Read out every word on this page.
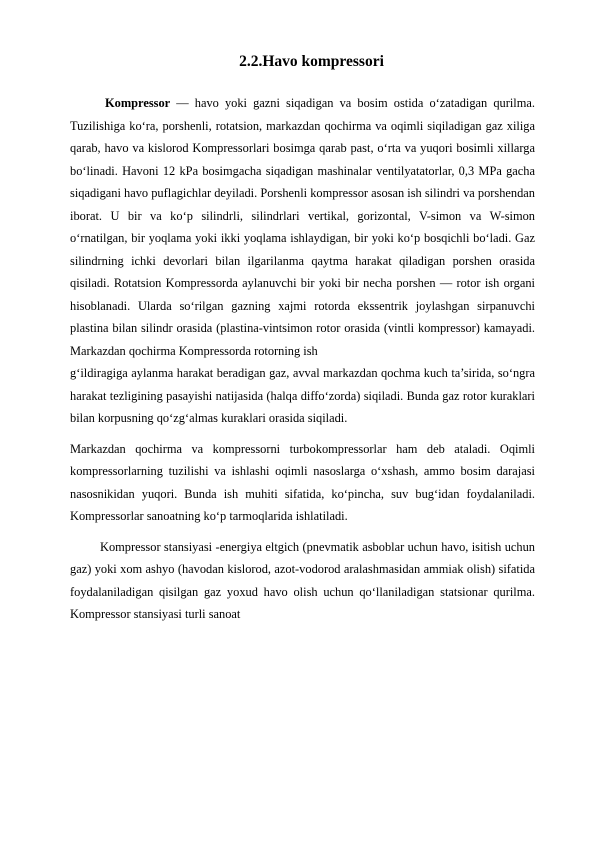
2.2.Havo kompressori

Kompressor — havo yoki gazni siqadigan va bosim ostida o‘zatadigan qurilma. Tuzilishiga ko‘ra, porshenli, rotatsion, markazdan qochirma va oqimli siqiladigan gaz xiliga qarab, havo va kislorod Kompressorlari bosimga qarab past, o‘rta va yuqori bosimli xillarga bo‘linadi. Havoni 12 kPa bosimgacha siqadigan mashinalar ventilyatatorlar, 0,3 MPa gacha siqadigani havo puflagichlar deyiladi. Porshenli kompressor asosan ish silindri va porshendan iborat. U bir va ko‘p silindrli, silindrlari vertikal, gorizontal, V-simon va W-simon o‘rnatilgan, bir yoqlama yoki ikki yoqlama ishlaydigan, bir yoki ko‘p bosqichli bo‘ladi. Gaz silindrning ichki devorlari bilan ilgarilanma qaytma harakat qiladigan porshen orasida qisiladi. Rotatsion Kompressorda aylanuvchi bir yoki bir necha porshen — rotor ish organi hisoblanadi. Ularda so‘rilgan gazning xajmi rotorda ekssentrik joylashgan sirpanuvchi plastina bilan silindr orasida (plastina-vintsimon rotor orasida (vintli kompressor) kamayadi. Markazdan qochirma Kompressorda rotorning ish

g‘ildiragiga aylanma harakat beradigan gaz, avval markazdan qochma kuch ta’sirida, so‘ngra harakat tezligining pasayishi natijasida (halqa diffo‘zorda) siqiladi. Bunda gaz rotor kuraklari bilan korpusning qo‘zg‘almas kuraklari orasida siqiladi.

Markazdan qochirma va kompressorni turbokompressorlar ham deb ataladi. Oqimli kompressorlarning tuzilishi va ishlashi oqimli nasoslarga o‘xshash, ammo bosim darajasi nasosnikidan yuqori. Bunda ish muhiti sifatida, ko‘pincha, suv bug‘idan foydalaniladi. Kompressorlar sanoatning ko‘p tarmoqlarida ishlatiladi.

Kompressor stansiyasi -energiya eltgich (pnevmatik asboblar uchun havo, isitish uchun gaz) yoki xom ashyo (havodan kislorod, azot-vodorod aralashmasidan ammiak olish) sifatida foydalaniladigan qisilgan gaz yoxud havo olish uchun qo‘llaniladigan statsionar qurilma. Kompressor stansiyasi turli sanoat
